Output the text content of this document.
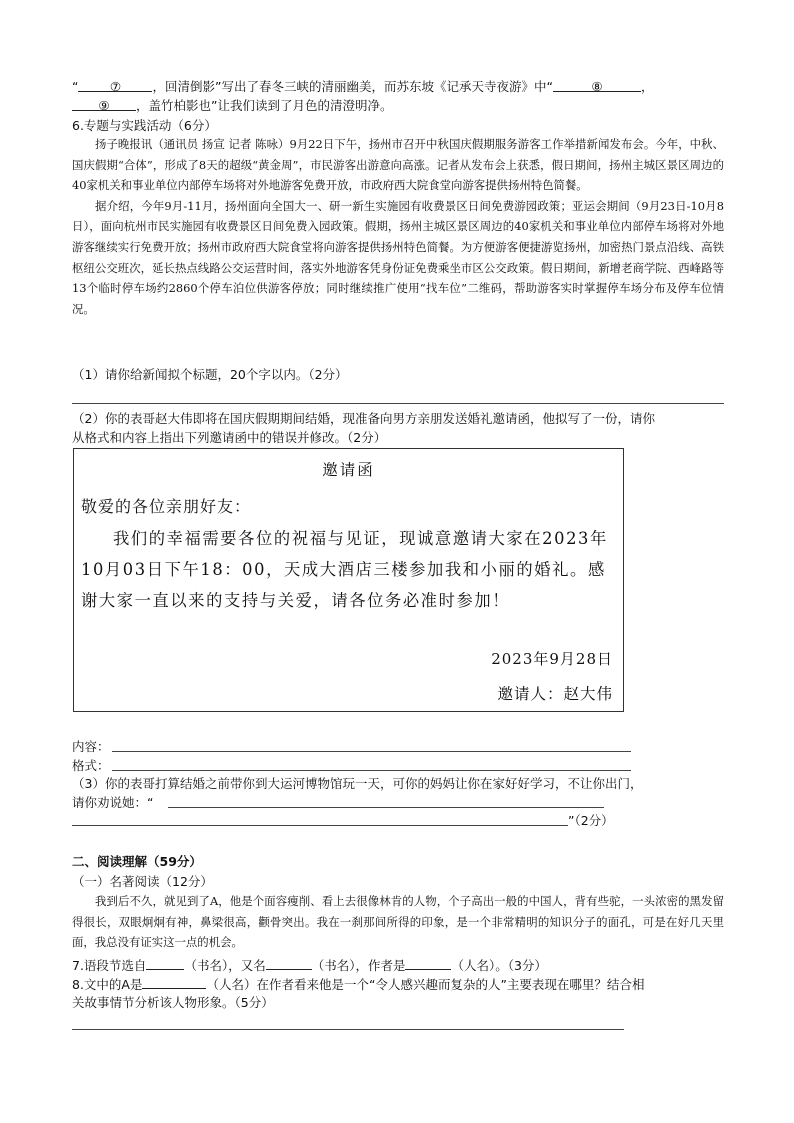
“	⑦	，回清倒影”写出了春冬三峡的清丽幽美，而苏东坡《记承天寺夜游》中“	⑧	，
⑨ ，盖竹柏影也”让我们读到了月色的清澄明净。
6.专题与实践活动（6分）

扬子晚报讯（通讯员 扬宣 记者 陈咏）9月22日下午，扬州市召开中秋国庆假期服务游客工作举措新闻发布会。今年，中秋、国庆假期“合体”，形成了8天的超级“黄金周”，市民游客出游意向高涨。记者从发布会上获悉，假日期间，扬州主城区景区周边的40家机关和事业单位内部停车场将对外地游客免费开放，市政府西大院食堂向游客提供扬州特色简餐。

据介绍，今年9月-11月，扬州面向全国大一、研一新生实施园有收费景区日间免费游园政策；亚运会期间（9月23日-10月8日），面向杭州市民实施园有收费景区日间免费入园政策。假期，扬州主城区景区周边的40家机关和事业单位内部停车场将对外地游客继续实行免费开放；扬州市政府西大院食堂将向游客提供扬州特色简餐。为方便游客便捷游览扬州，加密热门景点沿线、高铁枢纽公交班次，延长热点线路公交运营时间，落实外地游客凭身份证免费乘坐市区公交政策。假日期间，新增老商学院、西峰路等13个临时停车场约2860个停车泊位供游客停放；同时继续推广使用“找车位”二维码，帮助游客实时掌握停车场分布及停车位情况。

（1）请你给新闻拟个标题，20个字以内。（2分）
（2）你的表哥赵大伟即将在国庆假期期间结婚，现准备向男方亲朋发送婚礼邀请函，他拟写了一份，请你
从格式和内容上指出下列邀请函中的错误并修改。（2分）
邀请函
敬爱的各位亲朋好友：
我们的幸福需要各位的祝福与见证，现诚意邀请大家在2023年10月03日下午18：00，天成大酒店三楼参加我和小丽的婚礼。感谢大家一直以来的支持与关爱，请各位务必准时参加！
2023年9月28日
邀请人：赵大伟
内容：
格式：
（3）你的表哥打算结婚之前带你到大运河博物馆玩一天，可你的妈妈让你在家好好学习，不让你出门，
请你劝说她：“
”（2分）
二、阅读理解（59分）
（一）名著阅读（12分）

我到后不久，就见到了A，他是个面容瘦削、看上去很像林肯的人物，个子高出一般的中国人，背有些驼，一头浓密的黑发留得很长，双眼炯炯有神，鼻梁很高，颧骨突出。我在一刹那间所得的印象，是一个非常精明的知识分子的面孔，可是在好几天里面，我总没有证实这一点的机会。

7.语段节选自	（书名），又名	（书名），作者是	（人名）。（3分）
8.文中的A是	（人名）在作者看来他是一个“令人感兴趣而复杂的人”主要表现在哪里？结合相
关故事情节分析该人物形象。（5分）
